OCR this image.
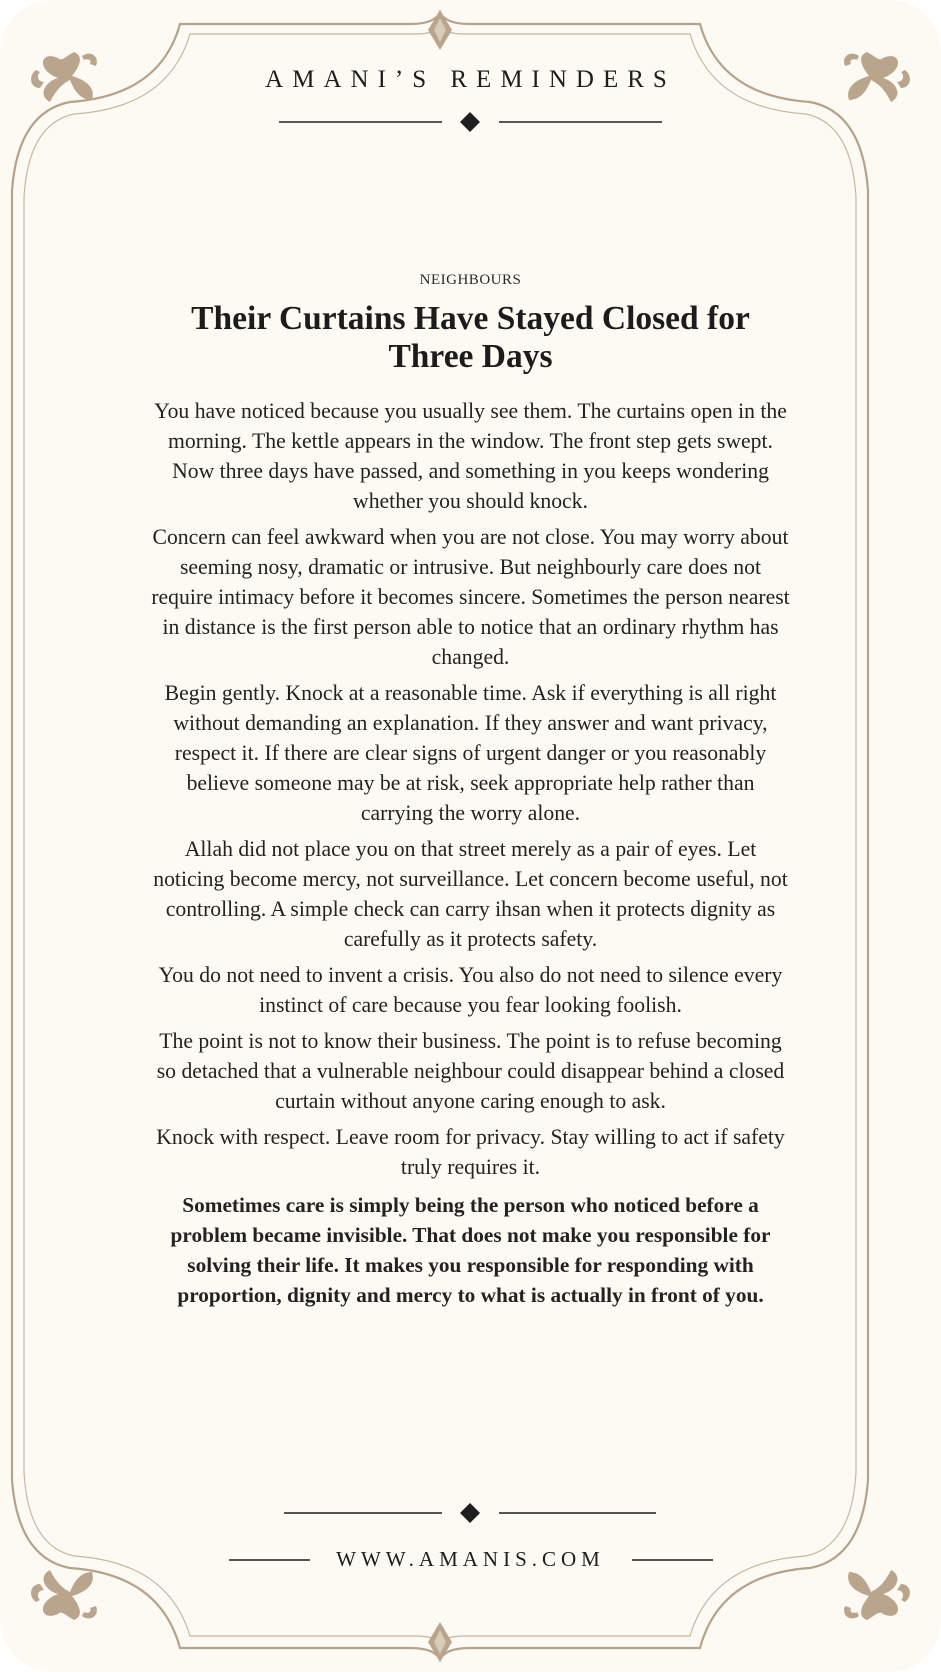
AMANI’S REMINDERS
NEIGHBOURS
Their Curtains Have Stayed Closed for Three Days

You have noticed because you usually see them. The curtains open in the morning. The kettle appears in the window. The front step gets swept. Now three days have passed, and something in you keeps wondering whether you should knock.

Concern can feel awkward when you are not close. You may worry about seeming nosy, dramatic or intrusive. But neighbourly care does not require intimacy before it becomes sincere. Sometimes the person nearest in distance is the first person able to notice that an ordinary rhythm has changed.

Begin gently. Knock at a reasonable time. Ask if everything is all right without demanding an explanation. If they answer and want privacy, respect it. If there are clear signs of urgent danger or you reasonably believe someone may be at risk, seek appropriate help rather than carrying the worry alone.

Allah did not place you on that street merely as a pair of eyes. Let noticing become mercy, not surveillance. Let concern become useful, not controlling. A simple check can carry ihsan when it protects dignity as carefully as it protects safety.

You do not need to invent a crisis. You also do not need to silence every instinct of care because you fear looking foolish.

The point is not to know their business. The point is to refuse becoming so detached that a vulnerable neighbour could disappear behind a closed curtain without anyone caring enough to ask.

Knock with respect. Leave room for privacy. Stay willing to act if safety truly requires it.

Sometimes care is simply being the person who noticed before a problem became invisible. That does not make you responsible for solving their life. It makes you responsible for responding with proportion, dignity and mercy to what is actually in front of you.

WWW.AMANIS.COM
